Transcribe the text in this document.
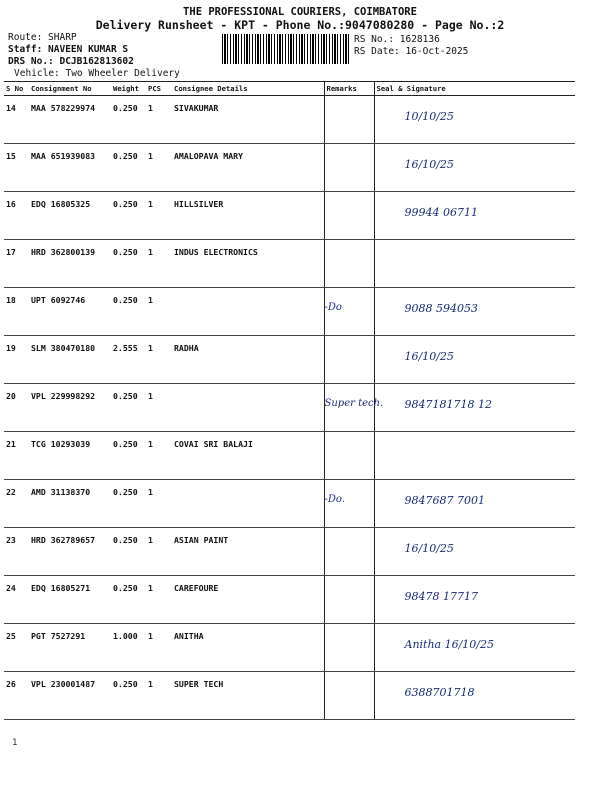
THE PROFESSIONAL COURIERS, COIMBATORE
Delivery Runsheet - KPT - Phone No.:9047080280 - Page No.:2
Route: SHARP
Staff: NAVEEN KUMAR S
DRS No.: DCJB162813602
Vehicle: Two Wheeler Delivery
RS No.: 1628136
RS Date: 16-Oct-2025
S No	Consignment No	Weight	PCS	Consignee Details	Remarks	Seal & Signature
14	MAA 578229974	0.250	1	SIVAKUMAR		10/10/25

15	MAA 651939083	0.250	1	AMALOPAVA MARY		16/10/25

16	EDQ 16805325	0.250	1	HILLSILVER		99944 06711

17	HRD 362800139	0.250	1	INDUS ELECTRONICS	

18	UPT 6092746	0.250	1		-Do	9088 594053

19	SLM 380470180	2.555	1	RADHA		16/10/25

20	VPL 229998292	0.250	1		Super tech.	9847181718 12

21	TCG 10293039	0.250	1	COVAI SRI BALAJI	

22	AMD 31138370	0.250	1		-Do.	9847687 7001

23	HRD 362789657	0.250	1	ASIAN PAINT		16/10/25

24	EDQ 16805271	0.250	1	CAREFOURE		98478 17717

25	PGT 7527291	1.000	1	ANITHA		Anitha 16/10/25

26	VPL 230001487	0.250	1	SUPER TECH		6388701718
1
